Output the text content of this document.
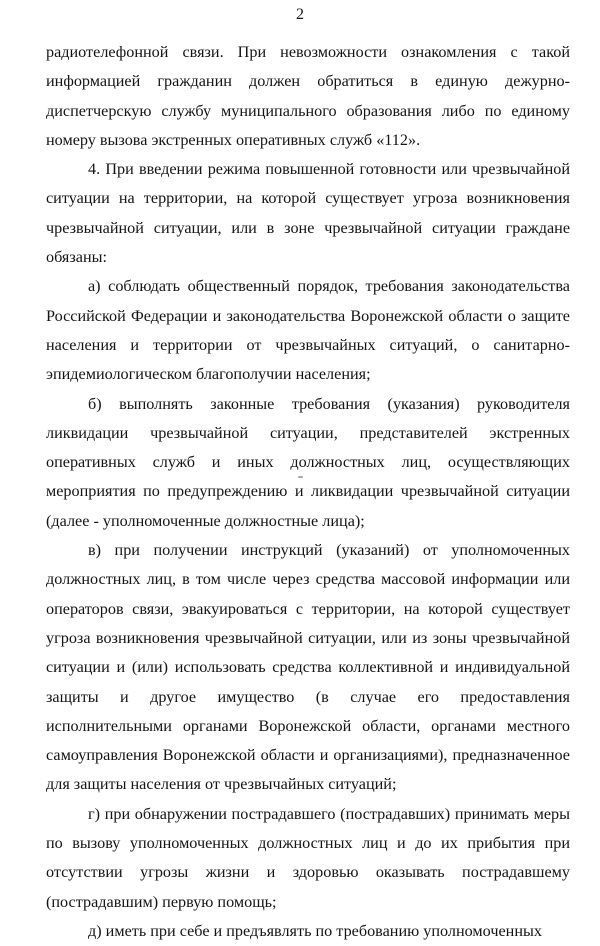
2

радиотелефонной связи. При невозможности ознакомления с такой информацией гражданин должен обратиться в единую дежурно-диспетчерскую службу муниципального образования либо по единому номеру вызова экстренных оперативных служб «112».

4. При введении режима повышенной готовности или чрезвычайной ситуации на территории, на которой существует угроза возникновения чрезвычайной ситуации, или в зоне чрезвычайной ситуации граждане обязаны:

а) соблюдать общественный порядок, требования законодательства Российской Федерации и законодательства Воронежской области о защите населения и территории от чрезвычайных ситуаций, о санитарно-эпидемиологическом благополучии населения;

б) выполнять законные требования (указания) руководителя ликвидации чрезвычайной ситуации, представителей экстренных оперативных служб и иных должностных лиц, осуществляющих мероприятия по предупреждению и ликвидации чрезвычайной ситуации (далее - уполномоченные должностные лица);

в) при получении инструкций (указаний) от уполномоченных должностных лиц, в том числе через средства массовой информации или операторов связи, эвакуироваться с территории, на которой существует угроза возникновения чрезвычайной ситуации, или из зоны чрезвычайной ситуации и (или) использовать средства коллективной и индивидуальной защиты и другое имущество (в случае его предоставления исполнительными органами Воронежской области, органами местного самоуправления Воронежской области и организациями), предназначенное для защиты населения от чрезвычайных ситуаций;

г) при обнаружении пострадавшего (пострадавших) принимать меры по вызову уполномоченных должностных лиц и до их прибытия при отсутствии угрозы жизни и здоровью оказывать пострадавшему (пострадавшим) первую помощь;

д) иметь при себе и предъявлять по требованию уполномоченных
